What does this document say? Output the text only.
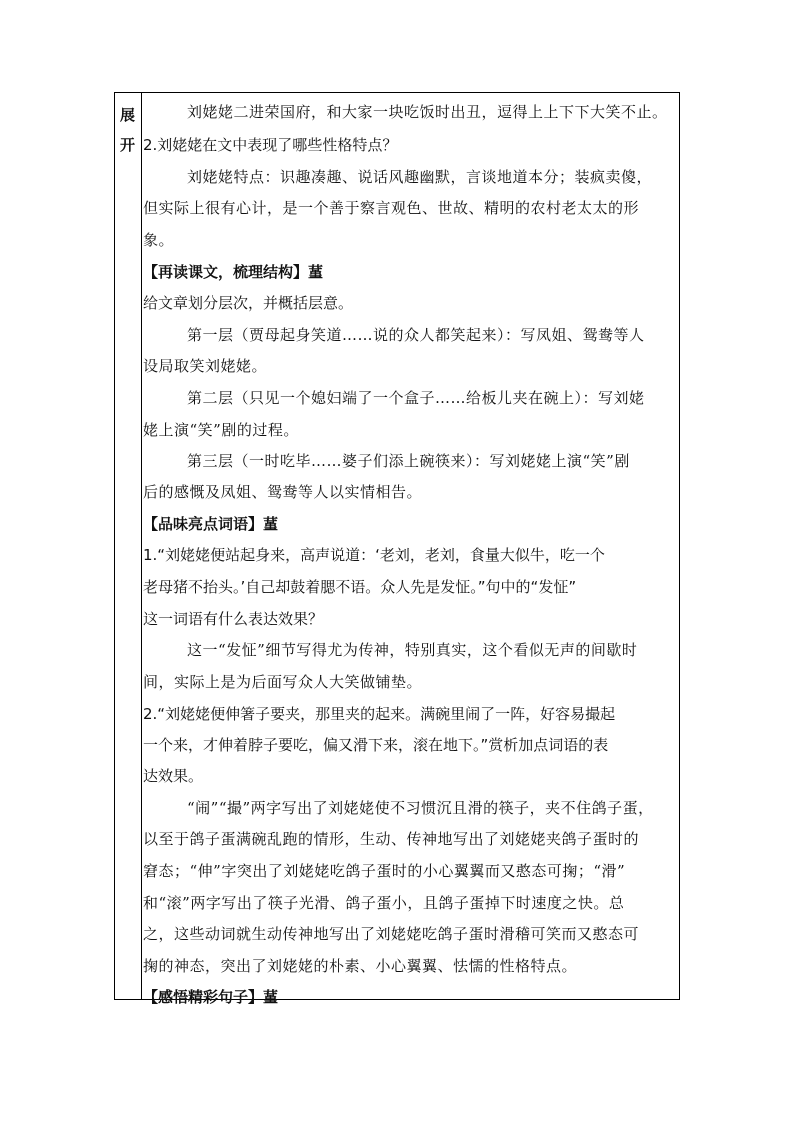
展
开

刘姥姥二进荣国府，和大家一块吃饭时出丑，逗得上上下下大笑不止。

2.刘姥姥在文中表现了哪些性格特点？

刘姥姥特点：识趣凑趣、说话风趣幽默，言谈地道本分；装疯卖傻，

但实际上很有心计，是一个善于察言观色、世故、精明的农村老太太的形

象。

【再读课文，梳理结构】蓳

给文章划分层次，并概括层意。

第一层（贾母起身笑道……说的众人都笑起来）：写凤姐、鸳鸯等人

设局取笑刘姥姥。

第二层（只见一个媳妇端了一个盒子……给板儿夹在碗上）：写刘姥

姥上演“笑”剧的过程。

第三层（一时吃毕……婆子们添上碗筷来）：写刘姥姥上演“笑”剧

后的感慨及凤姐、鸳鸯等人以实情相告。

【品味亮点词语】蓳

1.“刘姥姥便站起身来，高声说道：‘老刘，老刘，食量大似牛，吃一个

老母猪不抬头。’自己却鼓着腮不语。众人先是发怔。”句中的“发怔”

这一词语有什么表达效果？

这一“发怔”细节写得尤为传神，特别真实，这个看似无声的间歇时

间，实际上是为后面写众人大笑做铺垫。

2.“刘姥姥便伸箸子要夹，那里夹的起来。满碗里闹了一阵，好容易撮起

一个来，才伸着脖子要吃，偏又滑下来，滚在地下。”赏析加点词语的表

达效果。

“闹”“撮”两字写出了刘姥姥使不习惯沉且滑的筷子，夹不住鸽子蛋，

以至于鸽子蛋满碗乱跑的情形，生动、传神地写出了刘姥姥夹鸽子蛋时的

窘态；“伸”字突出了刘姥姥吃鸽子蛋时的小心翼翼而又憨态可掬；“滑”

和“滚”两字写出了筷子光滑、鸽子蛋小，且鸽子蛋掉下时速度之快。总

之，这些动词就生动传神地写出了刘姥姥吃鸽子蛋时滑稽可笑而又憨态可

掬的神态，突出了刘姥姥的朴素、小心翼翼、怯懦的性格特点。

【感悟精彩句子】蓳
